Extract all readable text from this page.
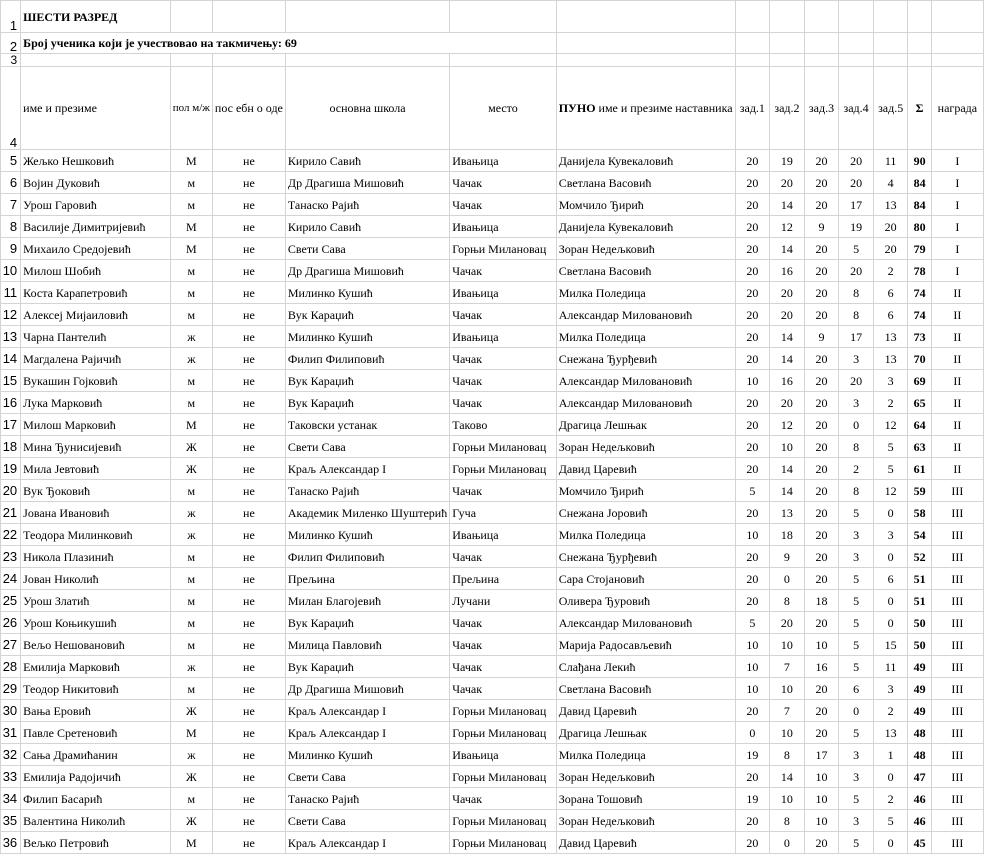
1	ШЕСТИ РАЗРЕД												
2	Број ученика који је учествовао на такмичењу: 69												
3													
4	име и презиме	пол м/ж	пос ебн о оде	основна школа	место	ПУНО име и презиме наставника	зад.1	зад.2	зад.3	зад.4	зад.5	Σ	награда
5	Жељко Нешковић	М	не	Кирило Савић	Ивањица	Данијела Кувекаловић	20	19	20	20	11	90	I
6	Војин Дуковић	м	не	Др Драгиша Мишовић	Чачак	Светлана Васовић	20	20	20	20	4	84	I
7	Урош Гаровић	м	не	Танаско Рајић	Чачак	Момчило Ђирић	20	14	20	17	13	84	I
8	Василије Димитријевић	М	не	Кирило Савић	Ивањица	Данијела Кувекаловић	20	12	9	19	20	80	I
9	Михаило Средојевић	М	не	Свети Сава	Горњи Милановац	Зоран Недељковић	20	14	20	5	20	79	I
10	Милош Шобић	м	не	Др Драгиша Мишовић	Чачак	Светлана Васовић	20	16	20	20	2	78	I
11	Коста Карапетровић	м	не	Милинко Кушић	Ивањица	Милка Поледица	20	20	20	8	6	74	II
12	Алексеј Мијаиловић	м	не	Вук Караџић	Чачак	Александар Миловановић	20	20	20	8	6	74	II
13	Чарна Пантелић	ж	не	Милинко Кушић	Ивањица	Милка Поледица	20	14	9	17	13	73	II
14	Магдалена Рајичић	ж	не	Филип Филиповић	Чачак	Снежана Ђурђевић	20	14	20	3	13	70	II
15	Вукашин Гојковић	м	не	Вук Караџић	Чачак	Александар Миловановић	10	16	20	20	3	69	II
16	Лука Марковић	м	не	Вук Караџић	Чачак	Александар Миловановић	20	20	20	3	2	65	II
17	Милош Марковић	М	не	Таковски устанак	Таково	Драгица Лешњак	20	12	20	0	12	64	II
18	Мина Ђунисијевић	Ж	не	Свети Сава	Горњи Милановац	Зоран Недељковић	20	10	20	8	5	63	II
19	Мила Јевтовић	Ж	не	Краљ Александар I	Горњи Милановац	Давид Царевић	20	14	20	2	5	61	II
20	Вук Ђоковић	м	не	Танаско Рајић	Чачак	Момчило Ђирић	5	14	20	8	12	59	III
21	Јована Ивановић	ж	не	Академик Миленко Шуштерић	Гуча	Снежана Јоровић	20	13	20	5	0	58	III
22	Теодора Милинковић	ж	не	Милинко Кушић	Ивањица	Милка Поледица	10	18	20	3	3	54	III
23	Никола Плазинић	м	не	Филип Филиповић	Чачак	Снежана Ђурђевић	20	9	20	3	0	52	III
24	Јован Николић	м	не	Прељина	Прељина	Сара Стојановић	20	0	20	5	6	51	III
25	Урош Златић	м	не	Милан Благојевић	Лучани	Оливера Ђуровић	20	8	18	5	0	51	III
26	Урош Коњикушић	м	не	Вук Караџић	Чачак	Александар Миловановић	5	20	20	5	0	50	III
27	Вељо Нешовановић	м	не	Милица Павловић	Чачак	Марија Радосављевић	10	10	10	5	15	50	III
28	Емилија Марковић	ж	не	Вук Караџић	Чачак	Слађана Лекић	10	7	16	5	11	49	III
29	Теодор Никитовић	м	не	Др Драгиша Мишовић	Чачак	Светлана Васовић	10	10	20	6	3	49	III
30	Вања Еровић	Ж	не	Краљ Александар I	Горњи Милановац	Давид Царевић	20	7	20	0	2	49	III
31	Павле Сретеновић	М	не	Краљ Александар I	Горњи Милановац	Драгица Лешњак	0	10	20	5	13	48	III
32	Сања Драмићанин	ж	не	Милинко Кушић	Ивањица	Милка Поледица	19	8	17	3	1	48	III
33	Емилија Радојичић	Ж	не	Свети Сава	Горњи Милановац	Зоран Недељковић	20	14	10	3	0	47	III
34	Филип Басарић	м	не	Танаско Рајић	Чачак	Зорана Тошовић	19	10	10	5	2	46	III
35	Валентина Николић	Ж	не	Свети Сава	Горњи Милановац	Зоран Недељковић	20	8	10	3	5	46	III
36	Вељко Петровић	М	не	Краљ Александар I	Горњи Милановац	Давид Царевић	20	0	20	5	0	45	III
